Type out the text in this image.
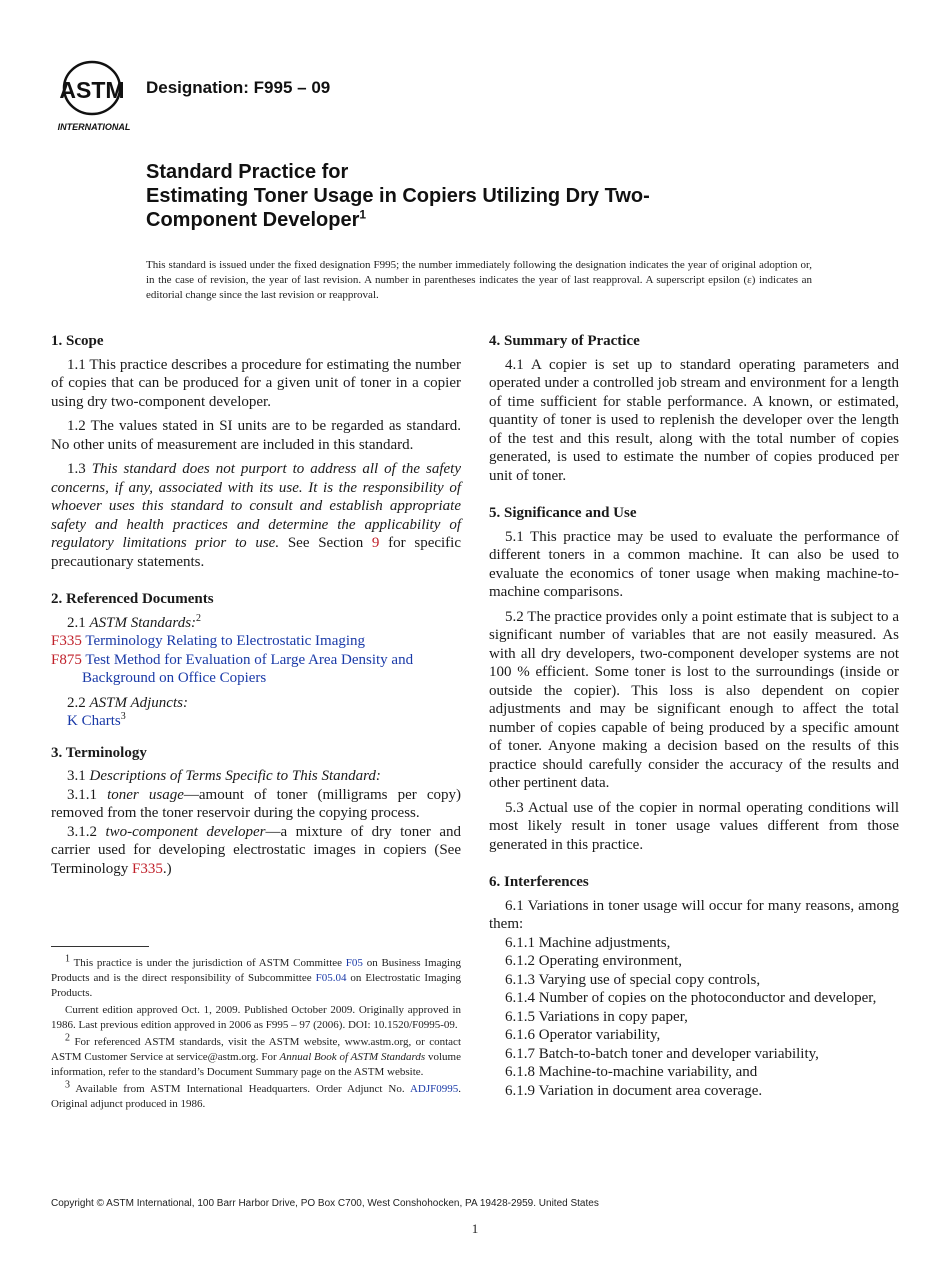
ASTM
INTERNATIONAL
Designation: F995 – 09
Standard Practice for
Estimating Toner Usage in Copiers Utilizing Dry Two-
Component Developer$^1$
This standard is issued under the fixed designation F995; the number immediately following the designation indicates the year of original adoption or, in the case of revision, the year of last revision. A number in parentheses indicates the year of last reapproval. A superscript epsilon (ε) indicates an editorial change since the last revision or reapproval.
1. Scope

1.1 This practice describes a procedure for estimating the number of copies that can be produced for a given unit of toner in a copier using dry two-component developer.

1.2 The values stated in SI units are to be regarded as standard. No other units of measurement are included in this standard.

1.3 This standard does not purport to address all of the safety concerns, if any, associated with its use. It is the responsibility of whoever uses this standard to consult and establish appropriate safety and health practices and determine the applicability of regulatory limitations prior to use. See Section 9 for specific precautionary statements.

2. Referenced Documents

2.1 ASTM Standards:$^2$

F335 Terminology Relating to Electrostatic Imaging

F875 Test Method for Evaluation of Large Area Density and

Background on Office Copiers

2.2 ASTM Adjuncts:

K Charts$^3$

3. Terminology

3.1 Descriptions of Terms Specific to This Standard:

3.1.1 toner usage—amount of toner (milligrams per copy) removed from the toner reservoir during the copying process.

3.1.2 two-component developer—a mixture of dry toner and carrier used for developing electrostatic images in copiers (See Terminology F335.)

$^1$ This practice is under the jurisdiction of ASTM Committee F05 on Business Imaging Products and is the direct responsibility of Subcommittee F05.04 on Electrostatic Imaging Products.

Current edition approved Oct. 1, 2009. Published October 2009. Originally approved in 1986. Last previous edition approved in 2006 as F995 – 97 (2006). DOI: 10.1520/F0995-09.

$^2$ For referenced ASTM standards, visit the ASTM website, www.astm.org, or contact ASTM Customer Service at service@astm.org. For Annual Book of ASTM Standards volume information, refer to the standard’s Document Summary page on the ASTM website.

$^3$ Available from ASTM International Headquarters. Order Adjunct No. ADJF0995. Original adjunct produced in 1986.

4. Summary of Practice

4.1 A copier is set up to standard operating parameters and operated under a controlled job stream and environment for a length of time sufficient for stable performance. A known, or estimated, quantity of toner is used to replenish the developer over the length of the test and this result, along with the total number of copies generated, is used to estimate the number of copies produced per unit of toner.

5. Significance and Use

5.1 This practice may be used to evaluate the performance of different toners in a common machine. It can also be used to evaluate the economics of toner usage when making machine-to-machine comparisons.

5.2 The practice provides only a point estimate that is subject to a significant number of variables that are not easily measured. As with all dry developers, two-component developer systems are not 100 % efficient. Some toner is lost to the surroundings (inside or outside the copier). This loss is also dependent on copier adjustments and may be significant enough to affect the total number of copies capable of being produced by a specific amount of toner. Anyone making a decision based on the results of this practice should carefully consider the accuracy of the results and other pertinent data.

5.3 Actual use of the copier in normal operating conditions will most likely result in toner usage values different from those generated in this practice.

6. Interferences

6.1 Variations in toner usage will occur for many reasons, among them:

6.1.1 Machine adjustments,

6.1.2 Operating environment,

6.1.3 Varying use of special copy controls,

6.1.4 Number of copies on the photoconductor and developer,

6.1.5 Variations in copy paper,

6.1.6 Operator variability,

6.1.7 Batch-to-batch toner and developer variability,

6.1.8 Machine-to-machine variability, and

6.1.9 Variation in document area coverage.

Copyright © ASTM International, 100 Barr Harbor Drive, PO Box C700, West Conshohocken, PA 19428-2959. United States
1
